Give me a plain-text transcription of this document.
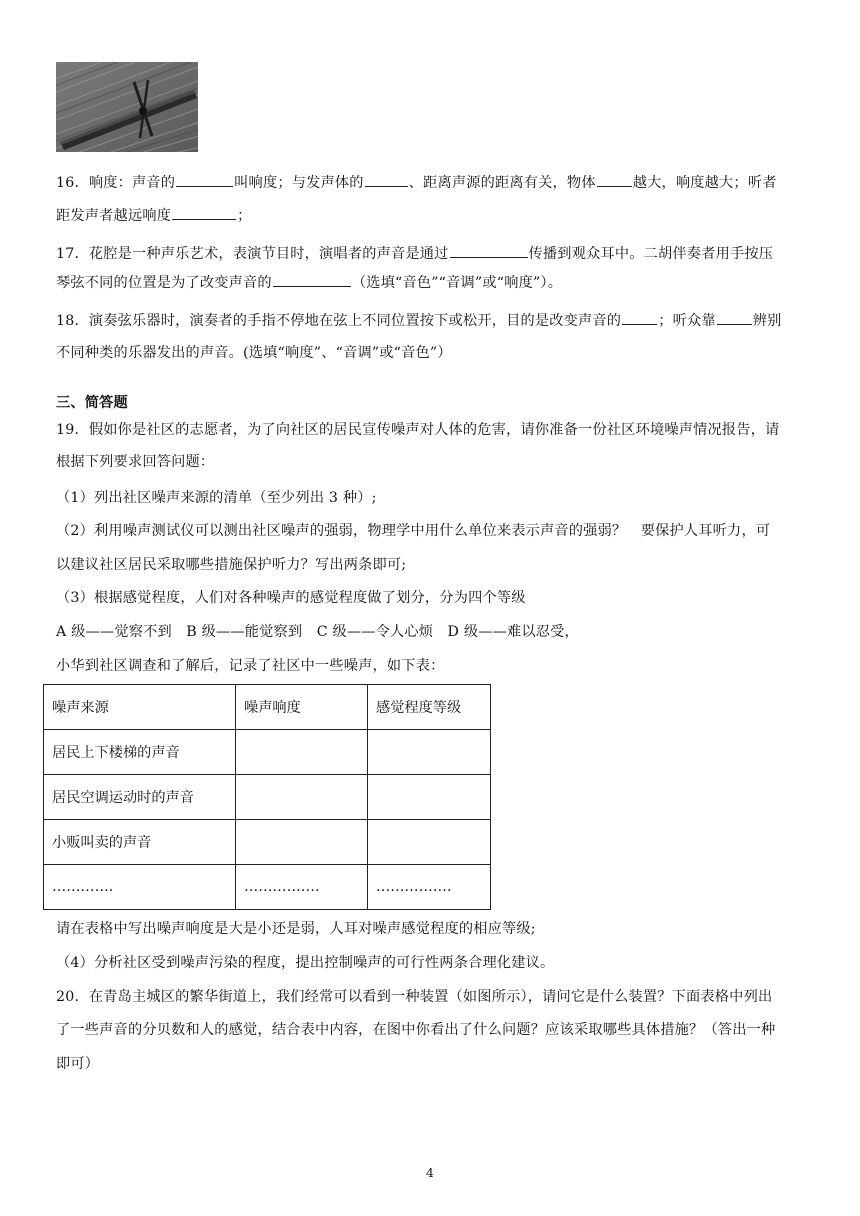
16．响度：声音的	叫响度；与发声体的	、距离声源的距离有关，物体	越大，响度越大；听者
距发声者越远响度	；
17．花腔是一种声乐艺术，表演节目时，演唱者的声音是通过	传播到观众耳中。二胡伴奏者用手按压
琴弦不同的位置是为了改变声音的	（选填“音色”“音调”或“响度”）。
18．演奏弦乐器时，演奏者的手指不停地在弦上不同位置按下或松开，目的是改变声音的	；听众靠	辨别
不同种类的乐器发出的声音。(选填“响度”、“音调”或“音色”）
三、简答题
19．假如你是社区的志愿者，为了向社区的居民宣传噪声对人体的危害，请你准备一份社区环境噪声情况报告，请
根据下列要求回答问题：
（1）列出社区噪声来源的清单（至少列出 3 种）;
（2）利用噪声测试仪可以测出社区噪声的强弱，物理学中用什么单位来表示声音的强弱？　要保护人耳听力，可
以建议社区居民采取哪些措施保护听力？写出两条即可;
（3）根据感觉程度，人们对各种噪声的感觉程度做了划分，分为四个等级
A 级——觉察不到　B 级——能觉察到　C 级——令人心烦　D 级——难以忍受，
小华到社区调查和了解后，记录了社区中一些噪声，如下表：
噪声来源	噪声响度	感觉程度等级
居民上下楼梯的声音		
居民空调运动时的声音		
小贩叫卖的声音		
………….	…………….	…………….
请在表格中写出噪声响度是大是小还是弱，人耳对噪声感觉程度的相应等级;
（4）分析社区受到噪声污染的程度，提出控制噪声的可行性两条合理化建议。
20．在青岛主城区的繁华街道上，我们经常可以看到一种装置（如图所示），请问它是什么装置？下面表格中列出
了一些声音的分贝数和人的感觉，结合表中内容，在图中你看出了什么问题？应该采取哪些具体措施？（答出一种
即可）
4
